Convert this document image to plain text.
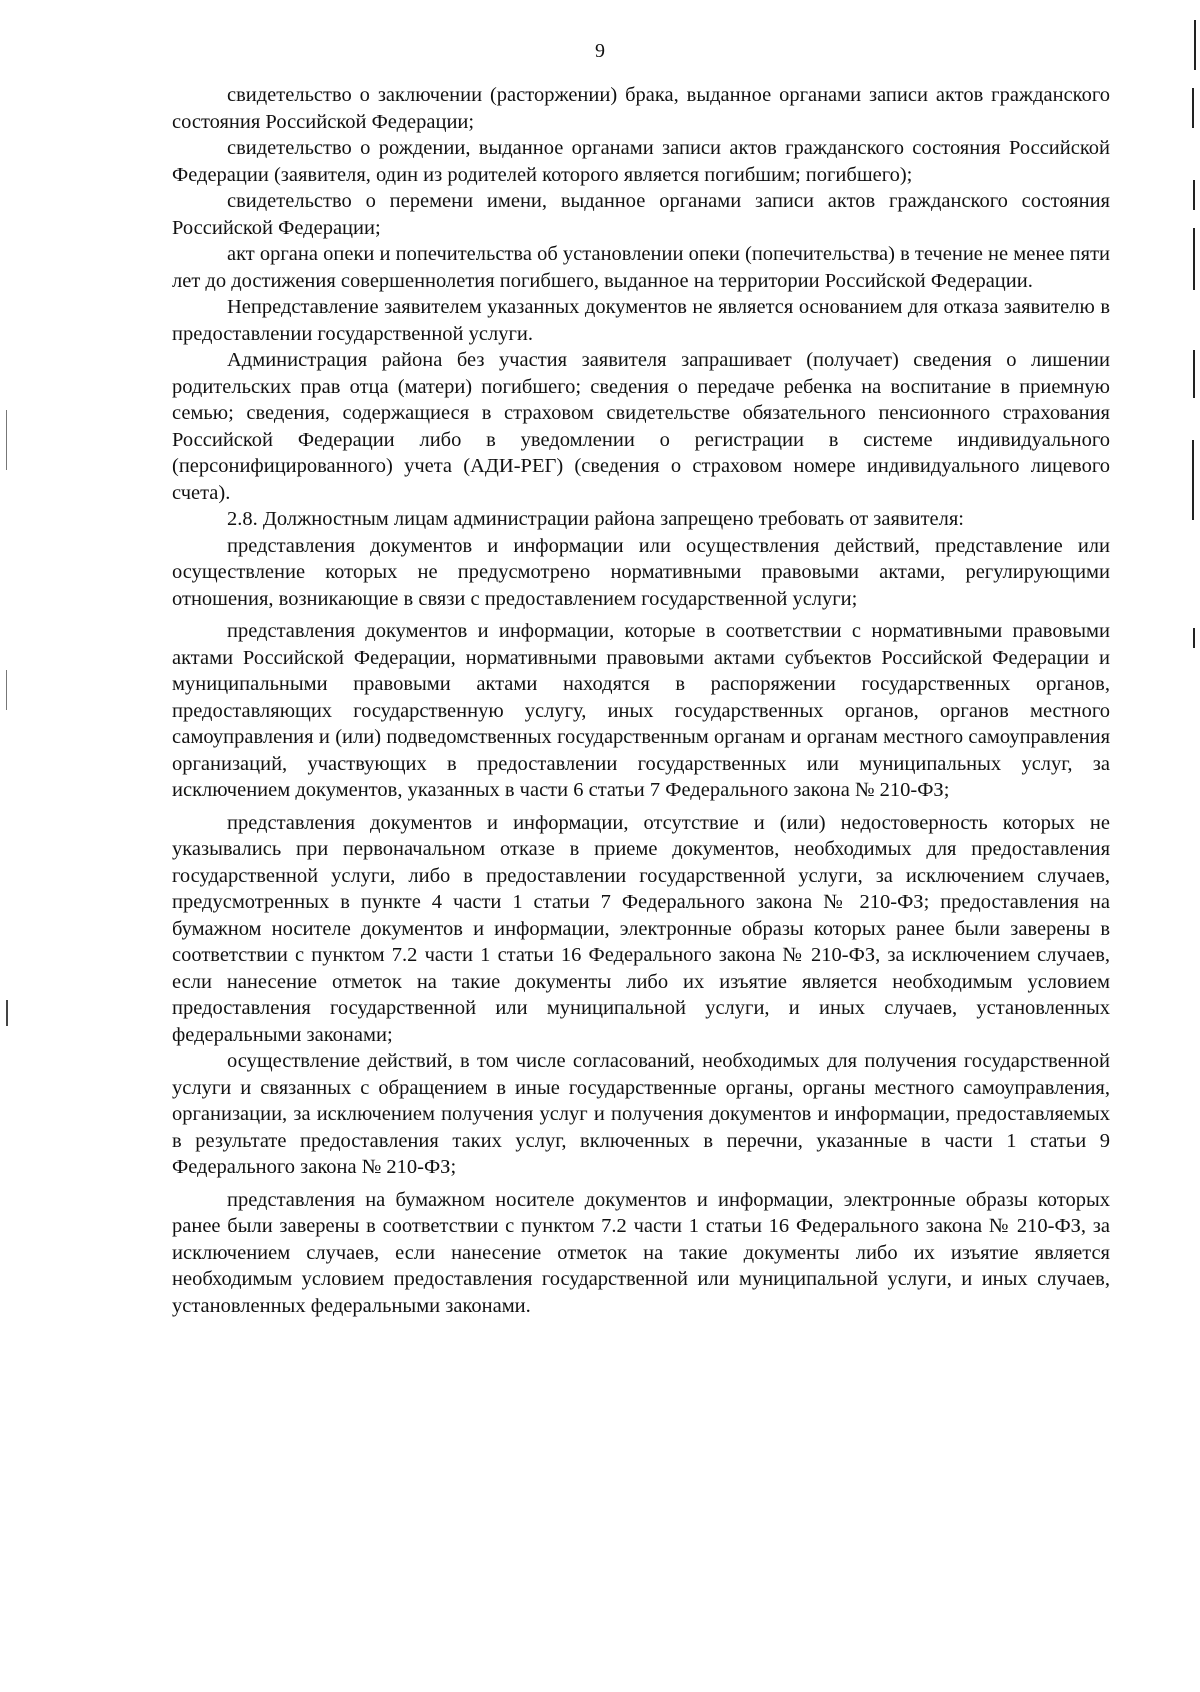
9

свидетельство о заключении (расторжении) брака, выданное органами записи актов гражданского состояния Российской Федерации;

свидетельство о рождении, выданное органами записи актов гражданского состояния Российской Федерации (заявителя, один из родителей которого является погибшим; погибшего);

свидетельство о перемени имени, выданное органами записи актов гражданского состояния Российской Федерации;

акт органа опеки и попечительства об установлении опеки (попечительства) в течение не менее пяти лет до достижения совершеннолетия погибшего, выданное на территории Российской Федерации.

Непредставление заявителем указанных документов не является основанием для отказа заявителю в предоставлении государственной услуги.

Администрация района без участия заявителя запрашивает (получает) сведения о лишении родительских прав отца (матери) погибшего; сведения о передаче ребенка на воспитание в приемную семью; сведения, содержащиеся в страховом свидетельстве обязательного пенсионного страхования Российской Федерации либо в уведомлении о регистрации в системе индивидуального (персонифицированного) учета (АДИ-РЕГ) (сведения о страховом номере индивидуального лицевого счета).

2.8. Должностным лицам администрации района запрещено требовать от заявителя:

представления документов и информации или осуществления действий, представление или осуществление которых не предусмотрено нормативными правовыми актами, регулирующими отношения, возникающие в связи с предоставлением государственной услуги;

представления документов и информации, которые в соответствии с нормативными правовыми актами Российской Федерации, нормативными правовыми актами субъектов Российской Федерации и муниципальными правовыми актами находятся в распоряжении государственных органов, предоставляющих государственную услугу, иных государственных органов, органов местного самоуправления и (или) подведомственных государственным органам и органам местного самоуправления организаций, участвующих в предоставлении государственных или муниципальных услуг, за исключением документов, указанных в части 6 статьи 7 Федерального закона № 210-ФЗ;

представления документов и информации, отсутствие и (или) недостоверность которых не указывались при первоначальном отказе в приеме документов, необходимых для предоставления государственной услуги, либо в предоставлении государственной услуги, за исключением случаев, предусмотренных в пункте 4 части 1 статьи 7 Федерального закона № 210-ФЗ; предоставления на бумажном носителе документов и информации, электронные образы которых ранее были заверены в соответствии с пунктом 7.2 части 1 статьи 16 Федерального закона № 210-ФЗ, за исключением случаев, если нанесение отметок на такие документы либо их изъятие является необходимым условием предоставления государственной или муниципальной услуги, и иных случаев, установленных федеральными законами;

осуществление действий, в том числе согласований, необходимых для получения государственной услуги и связанных с обращением в иные государственные органы, органы местного самоуправления, организации, за исключением получения услуг и получения документов и информации, предоставляемых в результате предоставления таких услуг, включенных в перечни, указанные в части 1 статьи 9 Федерального закона № 210-ФЗ;

представления на бумажном носителе документов и информации, электронные образы которых ранее были заверены в соответствии с пунктом 7.2 части 1 статьи 16 Федерального закона № 210-ФЗ, за исключением случаев, если нанесение отметок на такие документы либо их изъятие является необходимым условием предоставления государственной или муниципальной услуги, и иных случаев, установленных федеральными законами.
